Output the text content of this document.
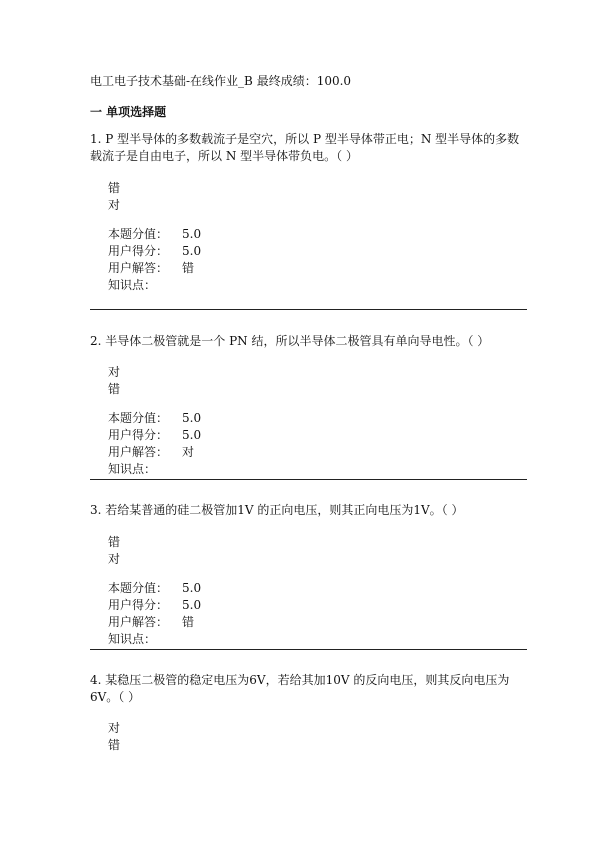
电工电子技术基础-在线作业_B 最终成绩：100.0
一 单项选择题

1. P 型半导体的多数载流子是空穴，所以 P 型半导体带正电；N 型半导体的多数载流子是自由电子，所以 N 型半导体带负电。（ ）

错
对
本题分值：	5.0
用户得分：	5.0
用户解答：	错
知识点：

2. 半导体二极管就是一个 PN 结，所以半导体二极管具有单向导电性。（ ）

对
错
本题分值：	5.0
用户得分：	5.0
用户解答：	对
知识点：

3. 若给某普通的硅二极管加1V 的正向电压，则其正向电压为1V。（ ）

错
对
本题分值：	5.0
用户得分：	5.0
用户解答：	错
知识点：

4. 某稳压二极管的稳定电压为6V，若给其加10V 的反向电压，则其反向电压为6V。（ ）

对
错
